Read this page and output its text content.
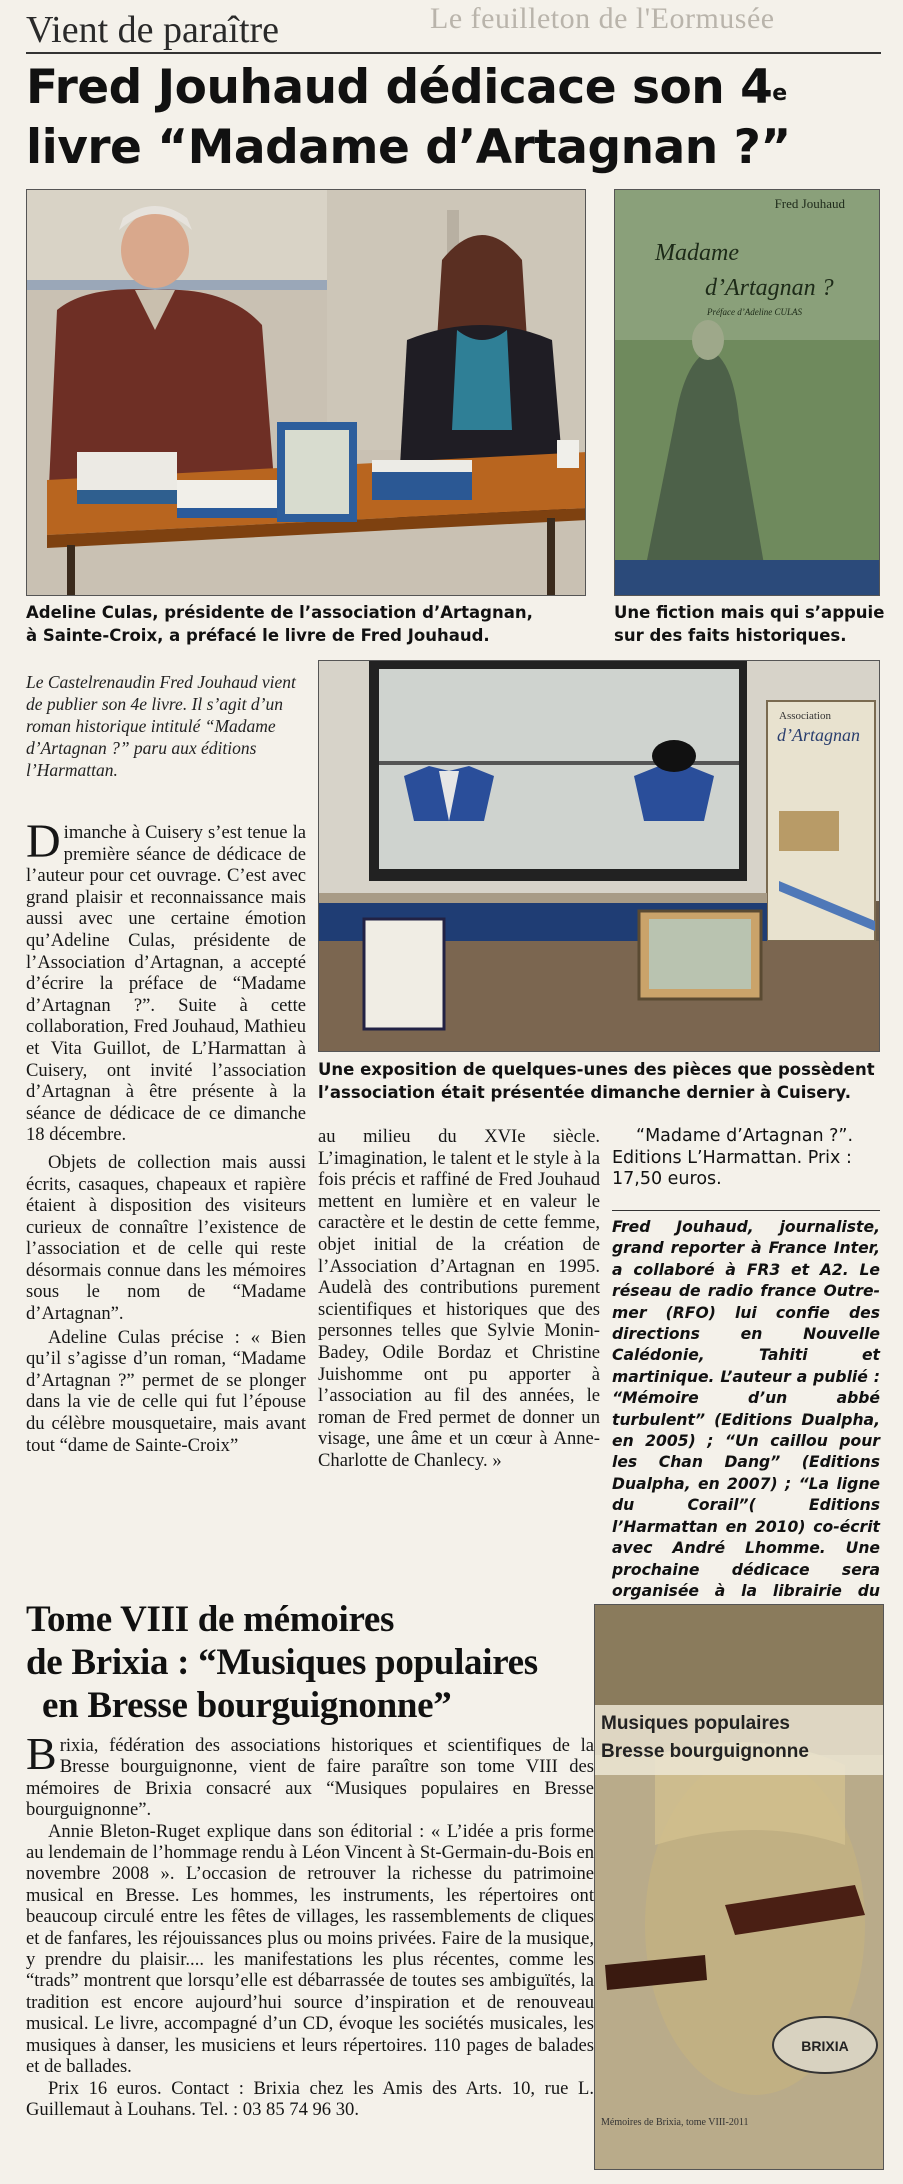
Le feuilleton de l'Eormusée
Vient de paraître
Fred Jouhaud dédicace son 4e
livre “Madame d’Artagnan ?”
Adeline Culas, présidente de l’association d’Artagnan,
à Sainte-Croix, a préfacé le livre de Fred Jouhaud.
Fred Jouhaud
Madame
d’Artagnan ?
Préface d’Adeline CULAS
Une fiction mais qui s’appuie
sur des faits historiques.
Le Castelrenaudin Fred Jouhaud vient de publier son 4e livre. Il s’agit d’un roman historique intitulé “Madame d’Artagnan ?” paru aux éditions l’Harmattan.
Association
d’Artagnan
Une exposition de quelques-unes des pièces que possèdent
l’association était présentée dimanche dernier à Cuisery.

Dimanche à Cuisery s’est tenue la première séance de dédicace de l’auteur pour cet ouvrage. C’est avec grand plaisir et reconnaissance mais aussi avec une certaine émotion qu’Adeline Culas, présidente de l’Association d’Artagnan, a accepté d’écrire la préface de “Madame d’Artagnan ?”. Suite à cette collaboration, Fred Jouhaud, Mathieu et Vita Guillot, de L’Harmattan à Cuisery, ont invité l’association d’Artagnan à être présente à la séance de dédicace de ce dimanche 18 décembre.

Objets de collection mais aussi écrits, casaques, chapeaux et rapière étaient à disposition des visiteurs curieux de connaître l’existence de l’association et de celle qui reste désormais connue dans les mémoires sous le nom de “Madame d’Artagnan”.

Adeline Culas précise : « Bien qu’il s’agisse d’un roman, “Madame d’Artagnan ?” permet de se plonger dans la vie de celle qui fut l’épouse du célèbre mousquetaire, mais avant tout “dame de Sainte-Croix”

au milieu du XVIe siècle. L’imagination, le talent et le style à la fois précis et raffiné de Fred Jouhaud mettent en lumière et en valeur le caractère et le destin de cette femme, objet initial de la création de l’Association d’Artagnan en 1995. Audelà des contributions purement scientifiques et historiques que des personnes telles que Sylvie Monin-Badey, Odile Bordaz et Christine Juishomme ont pu apporter à l’association au fil des années, le roman de Fred permet de donner un visage, une âme et un cœur à Anne-Charlotte de Chanlecy. »

“Madame d’Artagnan ?”. Editions L’Harmattan. Prix : 17,50 euros.
Fred Jouhaud, journaliste, grand reporter à France Inter, a collaboré à FR3 et A2. Le réseau de radio france Outre-mer (RFO) lui confie des directions en Nouvelle Calédonie, Tahiti et martinique. L’auteur a publié : “Mémoire d’un abbé turbulent” (Editions Dualpha, en 2005) ; “Un caillou pour les Chan Dang” (Editions Dualpha, en 2007) ; “La ligne du Corail”( Editions l’Harmattan en 2010) co-écrit avec André Lhomme. Une prochaine dédicace sera organisée à la librairie du
Tome VIII de mémoires
de Brixia : “Musiques populaires
en Bresse bourguignonne”

Brixia, fédération des associations historiques et scientifiques de la Bresse bourguignonne, vient de faire paraître son tome VIII des mémoires de Brixia consacré aux “Musiques populaires en Bresse bourguignonne”.

Annie Bleton-Ruget explique dans son éditorial : « L’idée a pris forme au lendemain de l’hommage rendu à Léon Vincent à St-Germain-du-Bois en novembre 2008 ». L’occasion de retrouver la richesse du patrimoine musical en Bresse. Les hommes, les instruments, les répertoires ont beaucoup circulé entre les fêtes de villages, les rassemblements de cliques et de fanfares, les réjouissances plus ou moins privées. Faire de la musique, y prendre du plaisir.... les manifestations les plus récentes, comme les “trads” montrent que lorsqu’elle est débarrassée de toutes ses ambiguïtés, la tradition est encore aujourd’hui source d’inspiration et de renouveau musical. Le livre, accompagné d’un CD, évoque les sociétés musicales, les musiques à danser, les musiciens et leurs répertoires. 110 pages de balades et de ballades.

Prix 16 euros. Contact : Brixia chez les Amis des Arts. 10, rue L. Guillemaut à Louhans. Tel. : 03 85 74 96 30.

Musiques populaires
Bresse bourguignonne
BRIXIA
Mémoires de Brixia, tome VIII-2011
